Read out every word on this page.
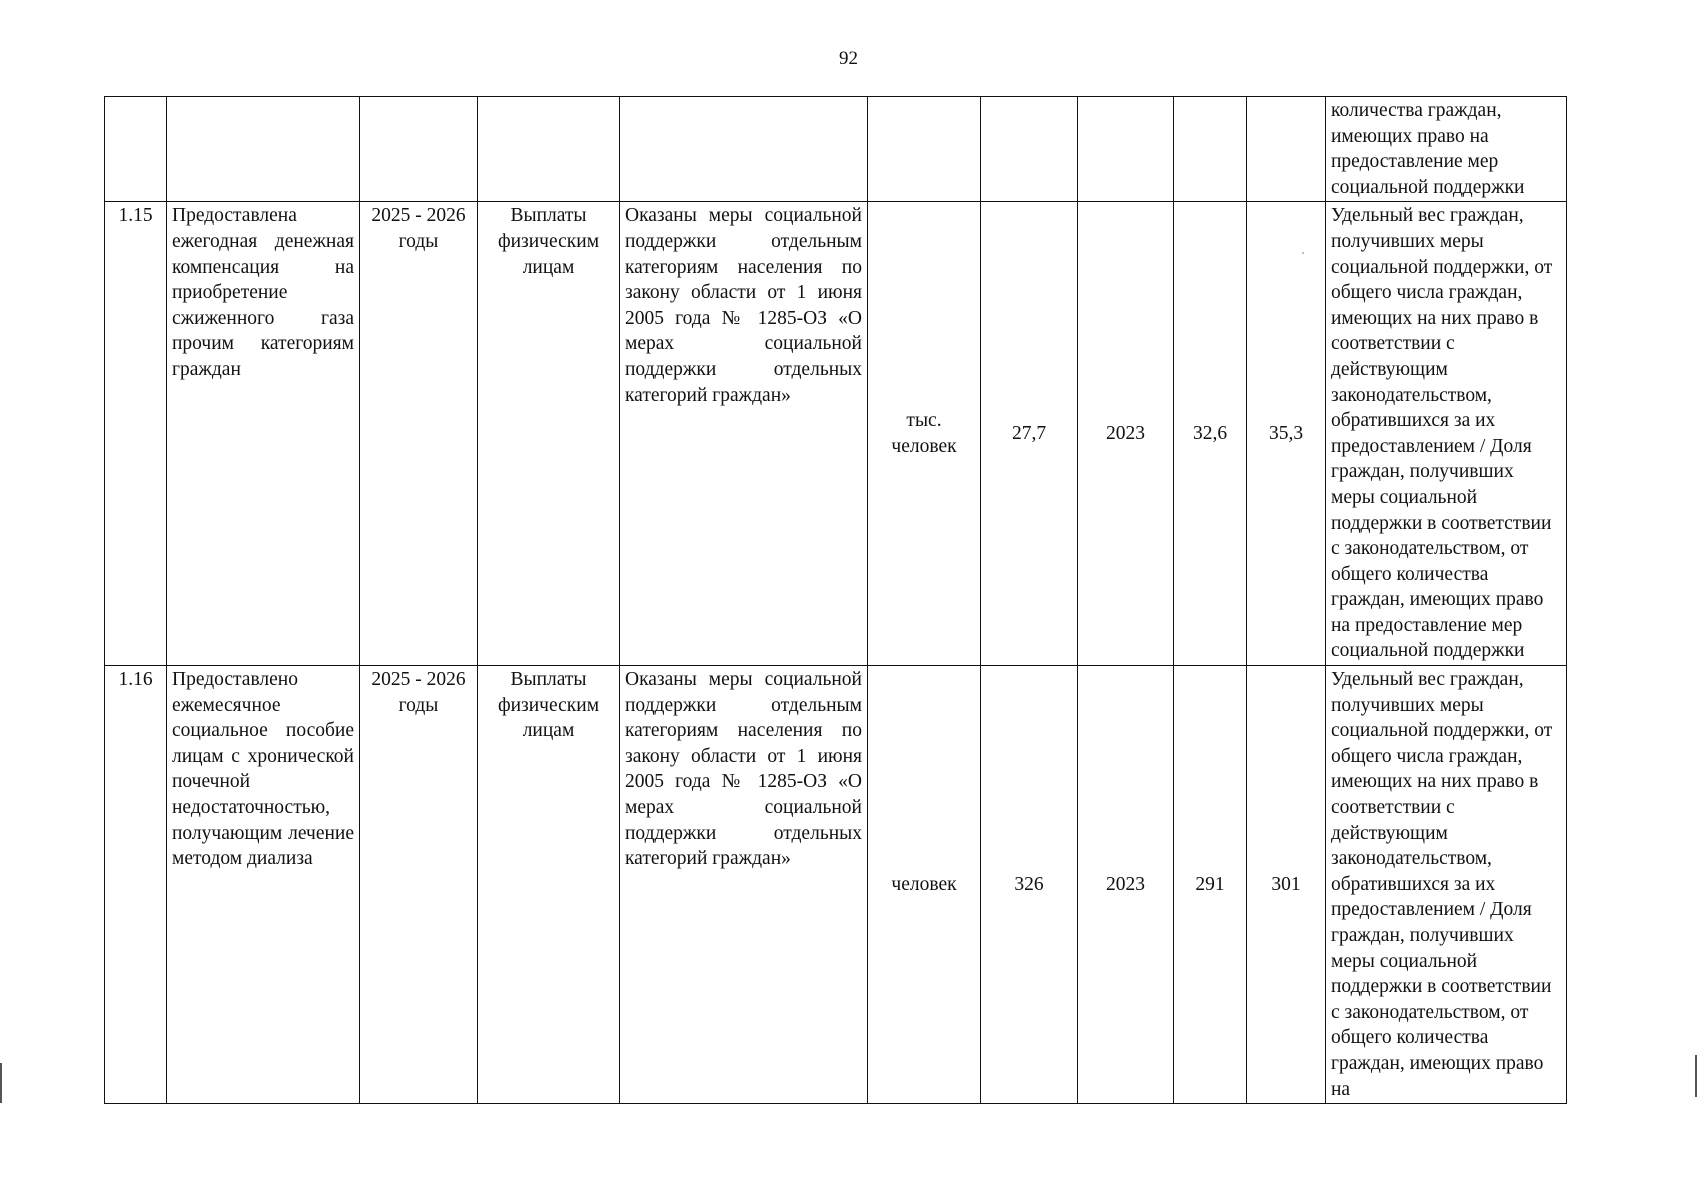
92
										количества граждан, имеющих право на предоставление мер социальной поддержки
1.15	Предоставлена ежегодная денежная компенсация на приобретение сжиженного газа прочим категориям граждан	2025 - 2026 годы	Выплаты физическим лицам	Оказаны меры социальной поддержки отдельным категориям населения по закону области от 1 июня 2005 года № 1285-ОЗ «О мерах социальной поддержки отдельных категорий граждан»	тыс. человек	27,7	2023	32,6	35,3	Удельный вес граждан, получивших меры социальной поддержки, от общего числа граждан, имеющих на них право в соответствии с действующим законодательством, обратившихся за их предоставлением / Доля граждан, получивших меры социальной поддержки в соответствии с законодательством, от общего количества граждан, имеющих право на предоставление мер социальной поддержки
1.16	Предоставлено ежемесячное социальное пособие лицам с хронической почечной недостаточностью, получающим лечение методом диализа	2025 - 2026 годы	Выплаты физическим лицам	Оказаны меры социальной поддержки отдельным категориям населения по закону области от 1 июня 2005 года № 1285-ОЗ «О мерах социальной поддержки отдельных категорий граждан»	человек	326	2023	291	301	Удельный вес граждан, получивших меры социальной поддержки, от общего числа граждан, имеющих на них право в соответствии с действующим законодательством, обратившихся за их предоставлением / Доля граждан, получивших меры социальной поддержки в соответствии с законодательством, от общего количества граждан, имеющих право на
